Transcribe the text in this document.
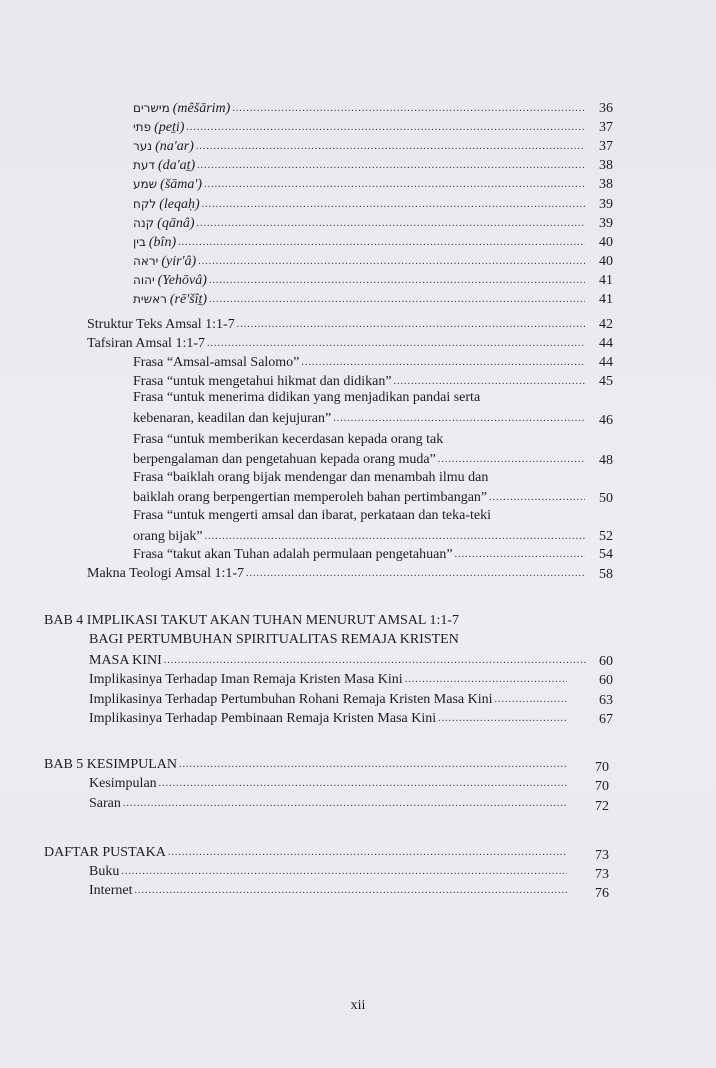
מישרים (mêšārim) .....	36
פתי (peṯi) .....	37
נער (na'ar) .....	37
דעת (da'aṯ) .....	38
שמע (šāma') .....	38
לקח (leqaḥ) .....	39
קנה (qānâ) .....	39
בין (bîn) .....	40
יראה (yir'â) .....	40
יהוה (Yehōvâ) .....	41
ראשית (rē'šîṯ) .....	41
Struktur Teks Amsal 1:1-7 .....	42
Tafsiran Amsal 1:1-7 .....	44
Frasa “Amsal-amsal Salomo” .....	44
Frasa “untuk mengetahui hikmat dan didikan” .....	45
Frasa “untuk menerima didikan yang menjadikan pandai serta
kebenaran, keadilan dan kejujuran” .....	46
Frasa “untuk memberikan kecerdasan kepada orang tak
berpengalaman dan pengetahuan kepada orang muda” .....	48
Frasa “baiklah orang bijak mendengar dan menambah ilmu dan
baiklah orang berpengertian memperoleh bahan pertimbangan” .....	50
Frasa “untuk mengerti amsal dan ibarat, perkataan dan teka-teki
orang bijak” .....	52
Frasa “takut akan Tuhan adalah permulaan pengetahuan” .....	54
Makna Teologi Amsal 1:1-7 .....	58
BAB 4 IMPLIKASI TAKUT AKAN TUHAN MENURUT AMSAL 1:1-7
BAGI PERTUMBUHAN SPIRITUALITAS REMAJA KRISTEN
MASA KINI .....	60
Implikasinya Terhadap Iman Remaja Kristen Masa Kini .....	60
Implikasinya Terhadap Pertumbuhan Rohani Remaja Kristen Masa Kini .....	63
Implikasinya Terhadap Pembinaan Remaja Kristen Masa Kini .....	67
BAB 5 KESIMPULAN .....	70
Kesimpulan .....	70
Saran .....	72
DAFTAR PUSTAKA .....	73
Buku .....	73
Internet .....	76
xii
